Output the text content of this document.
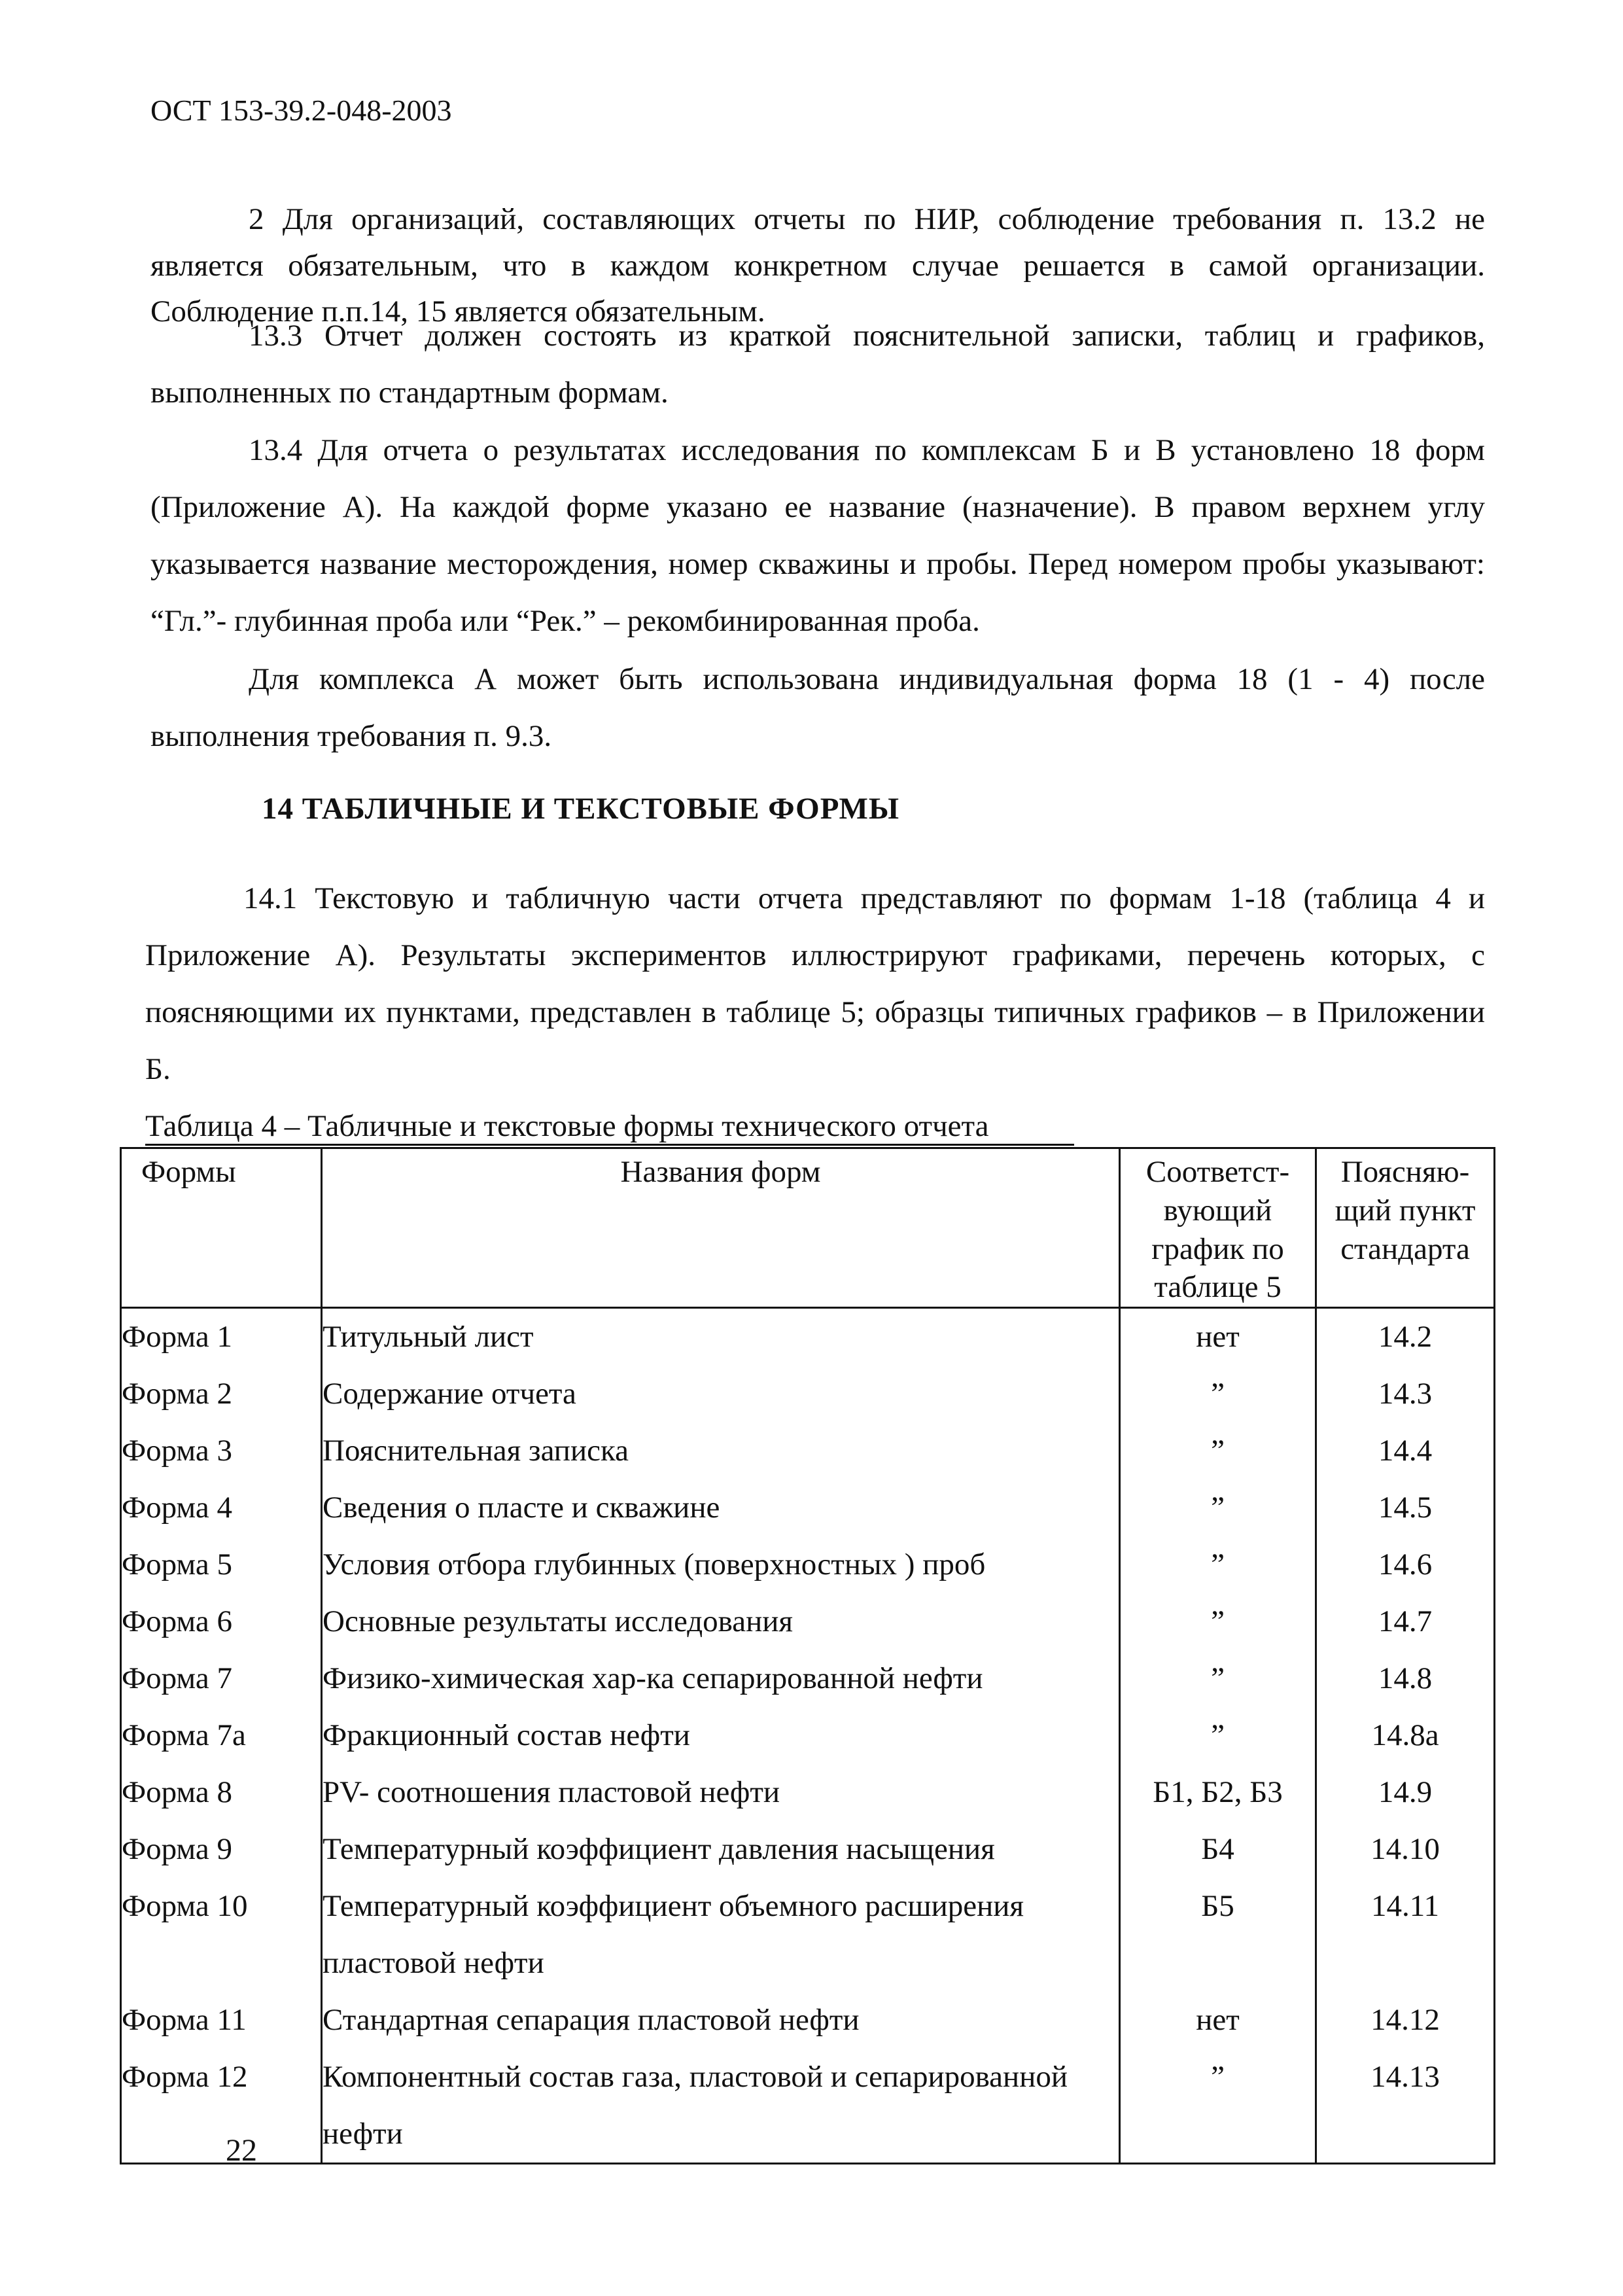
ОСТ 153-39.2-048-2003
2 Для организаций, составляющих отчеты по НИР, соблюдение требования п. 13.2 не является обязательным, что в каждом конкретном случае решается в самой организации. Соблюдение п.п.14, 15 является обязательным.
13.3 Отчет должен состоять из краткой пояснительной записки, таблиц и графиков, выполненных по стандартным формам.
13.4 Для отчета о результатах исследования по комплексам Б и В установлено 18 форм (Приложение А). На каждой форме указано ее название (назначение). В правом верхнем углу указывается название месторождения, номер скважины и пробы. Перед номером пробы указывают: “Гл.”- глубинная проба или “Рек.” – рекомбинированная проба.
Для комплекса А может быть использована индивидуальная форма 18 (1 - 4) после выполнения требования п. 9.3.
14 ТАБЛИЧНЫЕ И ТЕКСТОВЫЕ ФОРМЫ
14.1 Текстовую и табличную части отчета представляют по формам 1-18 (таблица 4 и Приложение А). Результаты экспериментов иллюстрируют графиками, перечень которых, с поясняющими их пунктами, представлен в таблице 5; образцы типичных графиков – в Приложении Б.
Таблица 4 – Табличные и текстовые формы технического отчета
Формы	Названия форм	Соответст-вующий график по таблице 5	Поясняю-щий пункт стандарта
Форма 1	Титульный лист	нет	14.2
Форма 2	Содержание отчета	”	14.3
Форма 3	Пояснительная записка	”	14.4
Форма 4	Сведения о пласте и скважине	”	14.5
Форма 5	Условия отбора глубинных (поверхностных ) проб	”	14.6
Форма 6	Основные результаты исследования	”	14.7
Форма 7	Физико-химическая хар-ка сепарированной нефти	”	14.8
Форма 7а	Фракционный состав нефти	”	14.8а
Форма 8	PV- соотношения пластовой нефти	Б1, Б2, Б3	14.9
Форма 9	Температурный коэффициент давления насыщения	Б4	14.10
Форма 10	Температурный коэффициент объемного расширения пластовой нефти	Б5	14.11
Форма 11	Стандартная сепарация пластовой нефти	нет	14.12
Форма 12	Компонентный состав газа, пластовой и сепарированной нефти	”	14.13
22
